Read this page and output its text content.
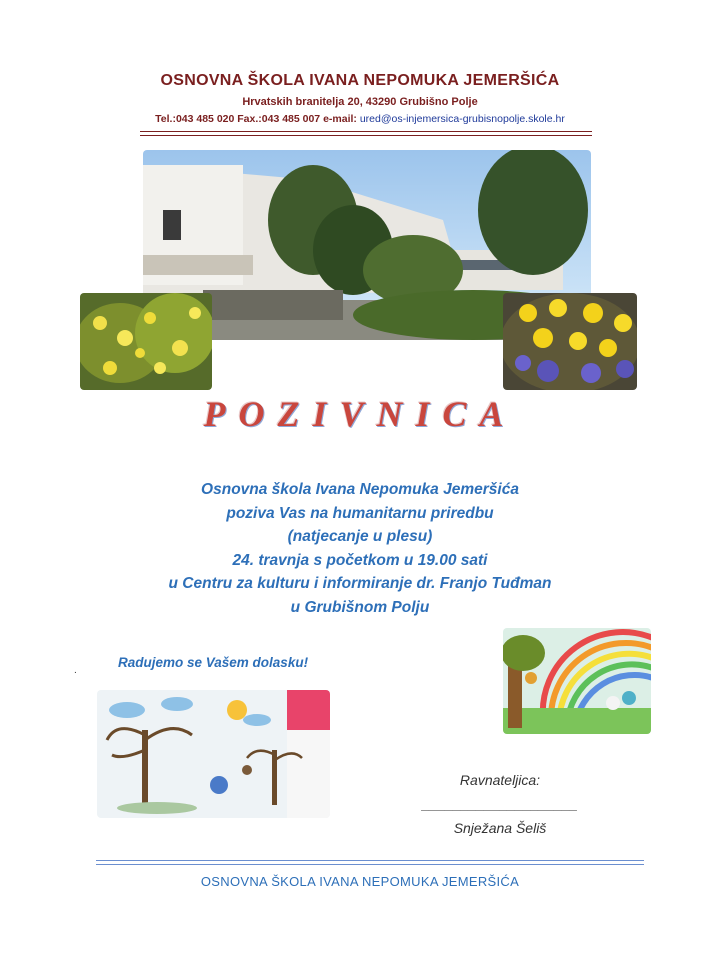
OSNOVNA ŠKOLA IVANA NEPOMUKA JEMERŠIĆA
Hrvatskih branitelja 20, 43290 Grubišno Polje
Tel.:043 485 020 Fax.:043 485 007 e-mail: ured@os-injemersica-grubisnopolje.skole.hr
POZIVNICA
Osnovna škola Ivana Nepomuka Jemeršića
poziva Vas na humanitarnu priredbu
(natjecanje u plesu)
24. travnja s početkom u 19.00 sati
u Centru za kulturu i informiranje dr. Franjo Tuđman
u Grubišnom Polju
.
Radujemo se Vašem dolasku!
Ravnateljica:
____________________
Snježana Šeliš
OSNOVNA ŠKOLA IVANA NEPOMUKA JEMERŠIĆA
